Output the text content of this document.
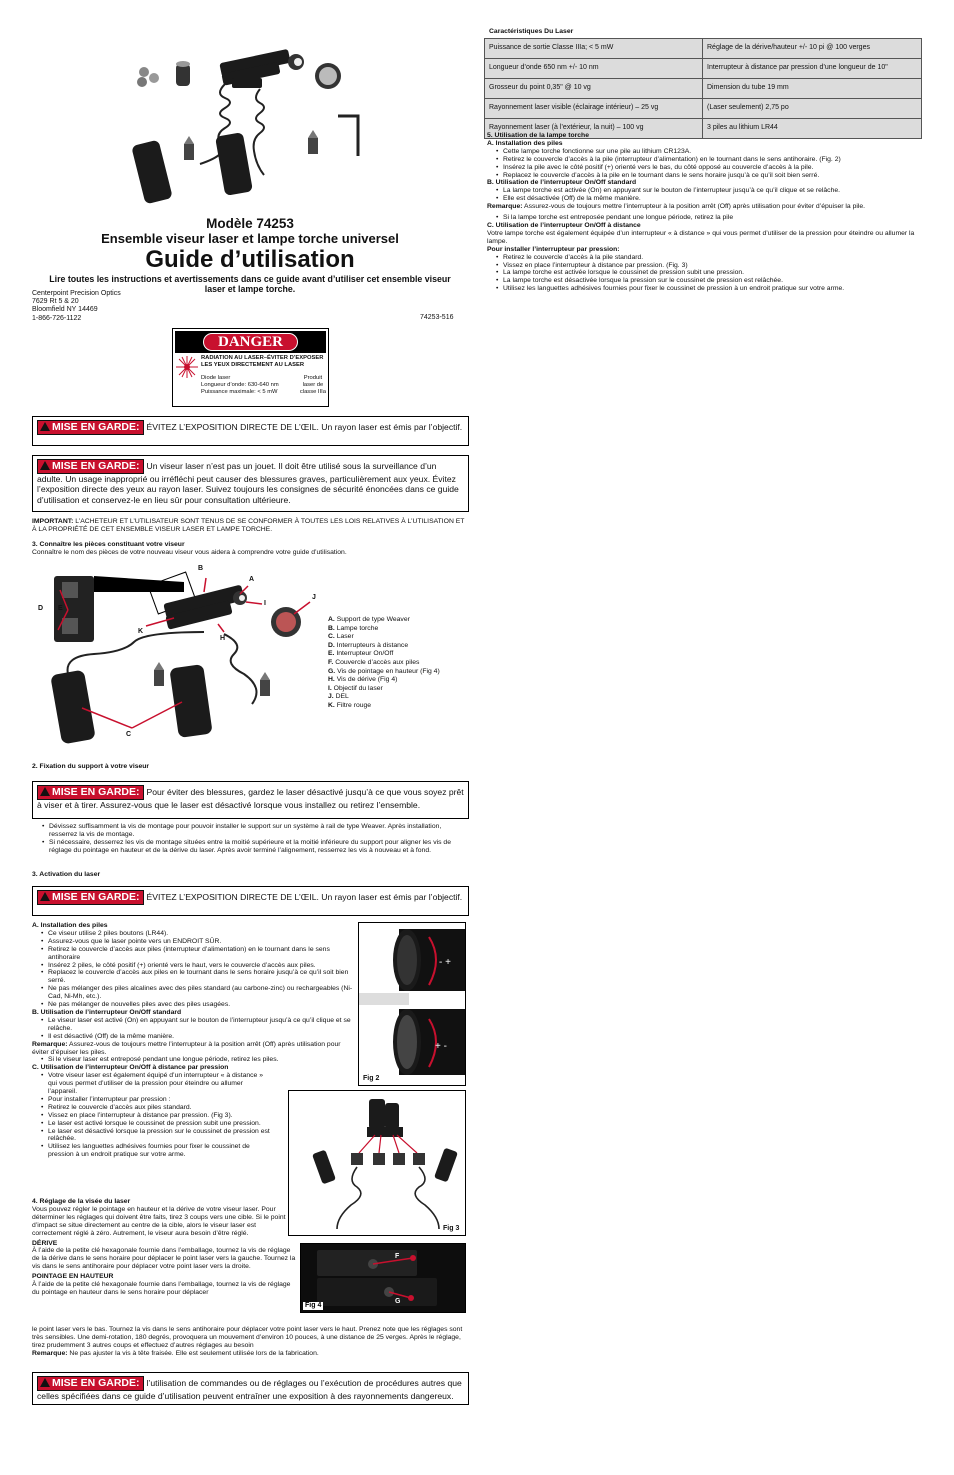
Modèle 74253
Ensemble viseur laser et lampe torche universel
Guide d’utilisation
Lire toutes les instructions et avertissements dans ce guide avant d’utiliser cet ensemble viseur laser et lampe torche.
Centerpoint Precision Optics
7629 Rt 5 & 20
Bloomfield NY 14469
1-866-726-1122	74253-516
DANGER
RADIATION AU LASER–ÉVITER D’EXPOSER
LES YEUX DIRECTEMENT AU LASER
Diode laser
Longueur d’onde: 630-640 nm
Puissance maximale: < 5 mW
Produit
laser de
classe IIIa
MISE EN GARDE: ÉVITEZ L’EXPOSITION DIRECTE DE L’ŒIL. Un rayon laser est émis par l’objectif.
MISE EN GARDE: Un viseur laser n’est pas un jouet. Il doit être utilisé sous la surveillance d’un adulte. Un usage inapproprié ou irréfléchi peut causer des blessures graves, particulièrement aux yeux. Évitez l’exposition directe des yeux au rayon laser. Suivez toujours les consignes de sécurité énoncées dans ce guide d’utilisation et conservez-le en lieu sûr pour consultation ultérieure.
IMPORTANT: L’ACHETEUR ET L’UTILISATEUR SONT TENUS DE SE CONFORMER À TOUTES LES LOIS RELATIVES À L’UTILISATION ET À LA PROPRIÉTÉ DE CET ENSEMBLE VISEUR LASER ET LAMPE TORCHE.
3. Connaître les pièces constituant votre viseur
Connaître le nom des pièces de votre nouveau viseur vous aidera à comprendre votre guide d’utilisation.
B
A
J
I
D E
K
H
C
A. Support de type Weaver
B. Lampe torche
C. Laser
D. Interrupteurs à distance
E. Interrupteur On/Off
F. Couvercle d’accès aux piles
G. Vis de pointage en hauteur (Fig 4)
H. Vis de dérive (Fig 4)
I. Objectif du laser
J. DEL
K. Filtre rouge
2. Fixation du support à votre viseur
MISE EN GARDE: Pour éviter des blessures, gardez le laser désactivé jusqu’à ce que vous soyez prêt à viser et à tirer. Assurez-vous que le laser est désactivé lorsque vous installez ou retirez l’ensemble.
• Dévissez suffisamment la vis de montage pour pouvoir installer le support sur un système à rail de type Weaver. Après installation, resserrez la vis de montage.
• Si nécessaire, desserrez les vis de montage situées entre la moitié supérieure et la moitié inférieure du support pour aligner les vis de réglage du pointage en hauteur et de la dérive du laser. Après avoir terminé l’alignement, resserrez les vis à nouveau et à fond.
3. Activation du laser
MISE EN GARDE: ÉVITEZ L’EXPOSITION DIRECTE DE L’ŒIL. Un rayon laser est émis par l’objectif.
A. Installation des piles
• Ce viseur utilise 2 piles boutons (LR44).
• Assurez-vous que le laser pointe vers un ENDROIT SÛR.
• Retirez le couvercle d’accès aux piles (interrupteur d’alimentation) en le tournant dans le sens antihoraire
• Insérez 2 piles, le côté positif (+) orienté vers le haut, vers le couvercle d’accès aux piles.
• Replacez le couvercle d’accès aux piles en le tournant dans le sens horaire jusqu’à ce qu’il soit bien serré.
• Ne pas mélanger des piles alcalines avec des piles standard (au carbone-zinc) ou rechargeables (Ni-Cad, Ni-Mh, etc.).
• Ne pas mélanger de nouvelles piles avec des piles usagées.
B. Utilisation de l’interrupteur On/Off standard
• Le viseur laser est activé (On) en appuyant sur le bouton de l’interrupteur jusqu’à ce qu’il clique et se relâche.
• Il est désactivé (Off) de la même manière.
Remarque: Assurez-vous de toujours mettre l’interrupteur à la position arrêt (Off) après utilisation pour éviter d’épuiser les piles.
• Si le viseur laser est entreposé pendant une longue période, retirez les piles.
C. Utilisation de l’interrupteur On/Off à distance par pression
• Votre viseur laser est également équipé d’un interrupteur « à distance » qui vous permet d’utiliser de la pression pour éteindre ou allumer l’appareil.
• Pour installer l’interrupteur par pression :
• Retirez le couvercle d’accès aux piles standard.
• Vissez en place l’interrupteur à distance par pression. (Fig 3).
• Le laser est activé lorsque le coussinet de pression subit une pression.
• Le laser est désactivé lorsque la pression sur le coussinet de pression est relâchée.
• Utilisez les languettes adhésives fournies pour fixer le coussinet de pression à un endroit pratique sur votre arme.
4. Réglage de la visée du laser
Vous pouvez régler le pointage en hauteur et la dérive de votre viseur laser. Pour déterminer les réglages qui doivent être faits, tirez 3 coups vers une cible. Si le point d’impact se situe directement au centre de la cible, alors le viseur laser est correctement réglé à zéro. Autrement, le viseur aura besoin d’être réglé.
DÉRIVE
À l’aide de la petite clé hexagonale fournie dans l’emballage, tournez la vis de réglage de la dérive dans le sens horaire pour déplacer le point laser vers la gauche. Tournez la vis dans le sens antihoraire pour déplacer votre point laser vers la droite.
POINTAGE EN HAUTEUR
À l’aide de la petite clé hexagonale fournie dans l’emballage, tournez la vis de réglage du pointage en hauteur dans le sens horaire pour déplacer
le point laser vers le bas. Tournez la vis dans le sens antihoraire pour déplacer votre point laser vers le haut. Prenez note que les réglages sont très sensibles. Une demi-rotation, 180 degrés, provoquera un mouvement d’environ 10 pouces, à une distance de 25 verges. Après le réglage, tirez prudemment 3 autres coups et effectuez d’autres réglages au besoin
Remarque: Ne pas ajuster la vis à tête fraisée. Elle est seulement utilisée lors de la fabrication.
- +
+ -
Fig 2
Fig 3
F
G
Fig 4
MISE EN GARDE: l’utilisation de commandes ou de réglages ou l’exécution de procédures autres que celles spécifiées dans ce guide d’utilisation peuvent entraîner une exposition à des rayonnements dangereux.
Caractéristiques Du Laser
Puissance de sortie Classe IIIa; < 5 mW	Réglage de la dérive/hauteur +/- 10 pi @ 100 verges
Longueur d’onde 650 nm +/- 10 nm	Interrupteur à distance par pression d’une longueur de 10"
Grosseur du point 0,35" @ 10 vg	Dimension du tube 19 mm
Rayonnement laser visible (éclairage intérieur) – 25 vg	(Laser seulement) 2,75 po
Rayonnement laser (à l’extérieur, la nuit) – 100 vg	3 piles au lithium LR44
5. Utilisation de la lampe torche
A. Installation des piles
• Cette lampe torche fonctionne sur une pile au lithium CR123A.
• Retirez le couvercle d’accès à la pile (interrupteur d’alimentation) en le tournant dans le sens antihoraire. (Fig. 2)
• Insérez la pile avec le côté positif (+) orienté vers le bas, du côté opposé au couvercle d’accès à la pile.
• Replacez le couvercle d’accès à la pile en le tournant dans le sens horaire jusqu’à ce qu’il soit bien serré.
B. Utilisation de l’interrupteur On/Off standard
• La lampe torche est activée (On) en appuyant sur le bouton de l’interrupteur jusqu’à ce qu’il clique et se relâche.
• Elle est désactivée (Off) de la même manière.
Remarque: Assurez-vous de toujours mettre l’interrupteur à la position arrêt (Off) après utilisation pour éviter d’épuiser la pile.
• Si la lampe torche est entreposée pendant une longue période, retirez la pile
C. Utilisation de l’interrupteur On/Off à distance
Votre lampe torche est également équipée d’un interrupteur « à distance » qui vous permet d’utiliser de la pression pour éteindre ou allumer la lampe.
Pour installer l’interrupteur par pression:
• Retirez le couvercle d’accès à la pile standard.
• Vissez en place l’interrupteur à distance par pression. (Fig. 3)
• La lampe torche est activée lorsque le coussinet de pression subit une pression.
• La lampe torche est désactivée lorsque la pression sur le coussinet de pression est relâchée.
• Utilisez les languettes adhésives fournies pour fixer le coussinet de pression à un endroit pratique sur votre arme.
